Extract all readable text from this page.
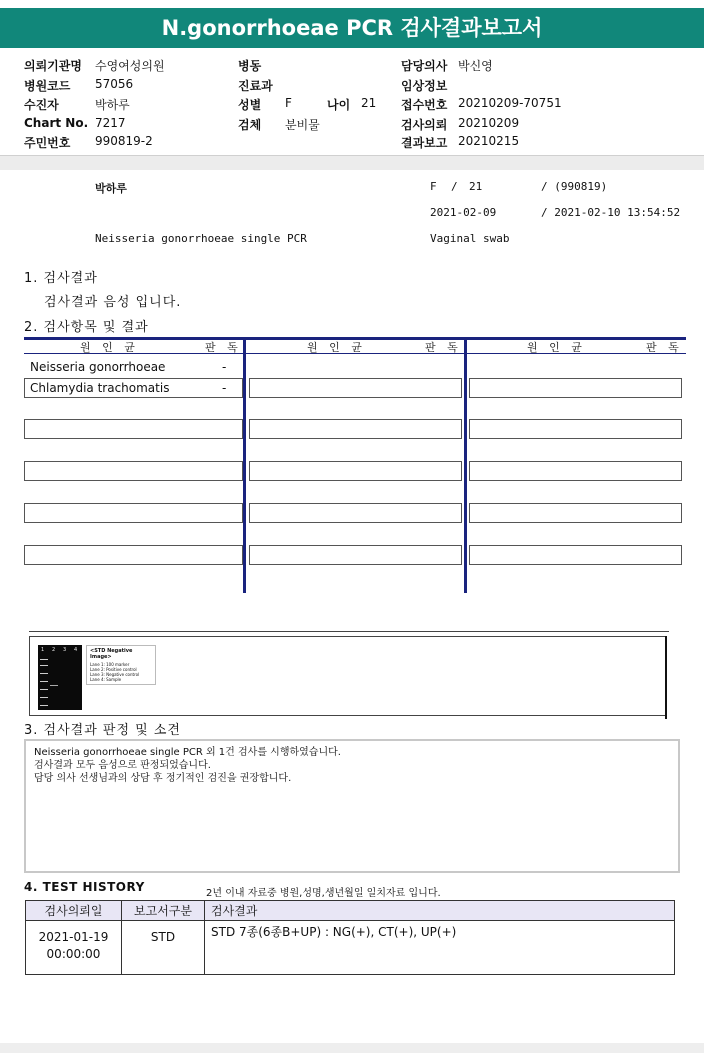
N.gonorrhoeae PCR 검사결과보고서
의뢰기관명 수영여성의원
병원코드 57056
수진자	박하루
Chart No. 7217
주민번호 990819-2
병동
진료과
성별 F	나이 21
검체 분비물
담당의사 박신영
임상정보
접수번호 20210209-70751
검사의뢰 20210209
결과보고 20210215
박하루	F / 21	/ (990819)
2021-02-09	/ 2021-02-10 13:54:52
Neisseria gonorrhoeae single PCR	Vaginal swab
1. 검사결과
검사결과 음성 입니다.
2. 검사항목 및 결과
원 인 균	판 독	원 인 균	판 독	원 인 균	판 독
Neisseria gonorrhoeae	-
Chlamydia trachomatis	-
1 2 3 4	<STD Negative Image>
Lane 1: 100 marker
Lane 2: Positive control
Lane 3: Negative control
Lane 4: Sample
3. 검사결과 판정 및 소견
Neisseria gonorrhoeae single PCR 외 1건 검사를 시행하였습니다.
검사결과 모두 음성으로 판정되었습니다.
담당 의사 선생님과의 상담 후 정기적인 검진을 권장합니다.
4. TEST HISTORY	2년 이내 자료중 병원,성명,생년월일 일치자료 입니다.
검사의뢰일	보고서구분	검사결과

2021-01-19
00:00:00	STD	STD 7종(6종B+UP) : NG(+), CT(+), UP(+)
